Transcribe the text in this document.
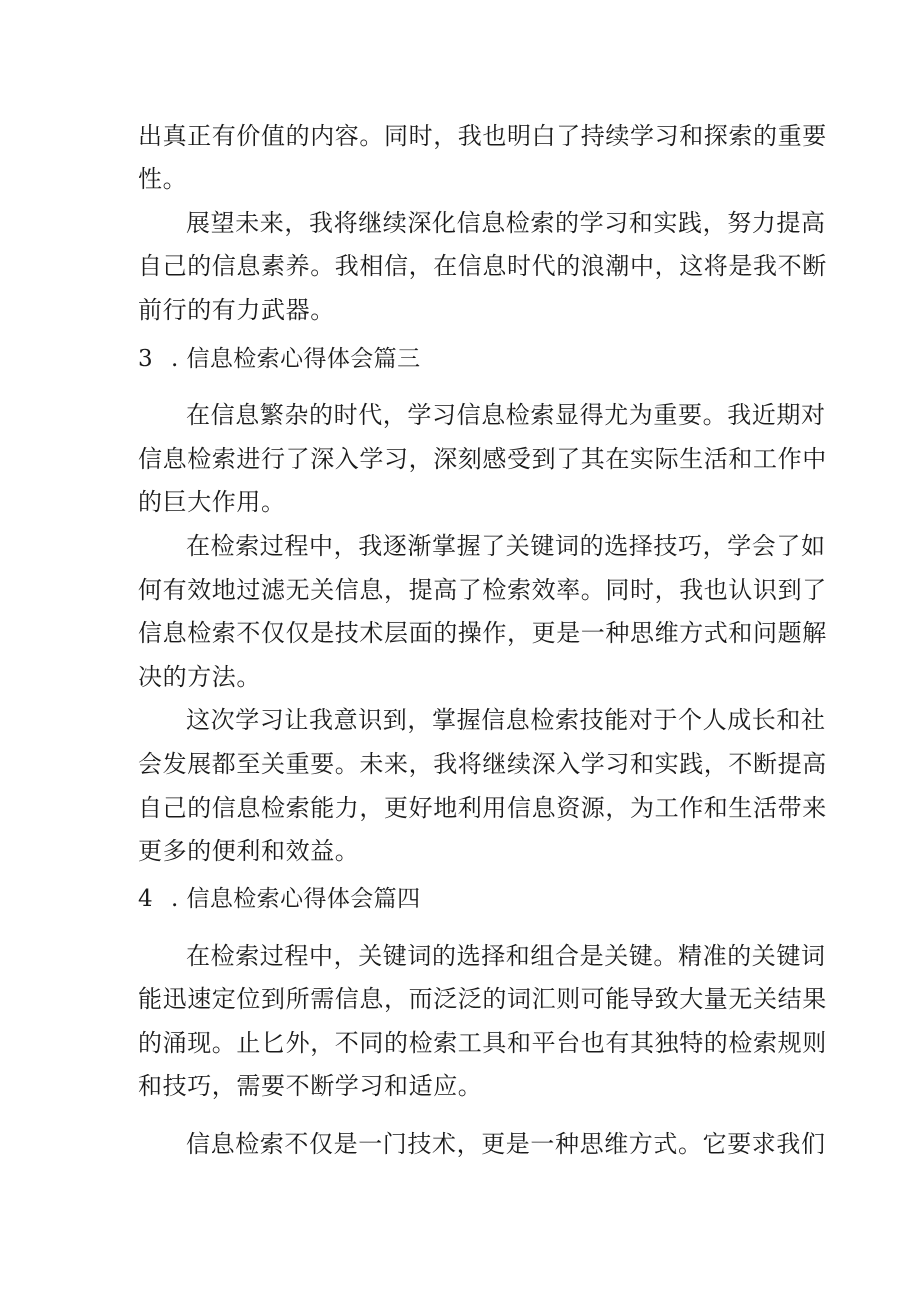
出真正有价值的内容。同时，我也明白了持续学习和探索的重要
性。
展望未来，我将继续深化信息检索的学习和实践，努力提高
自己的信息素养。我相信，在信息时代的浪潮中，这将是我不断
前行的有力武器。
3 . 信息检索心得体会篇三
在信息繁杂的时代，学习信息检索显得尤为重要。我近期对
信息检索进行了深入学习，深刻感受到了其在实际生活和工作中
的巨大作用。
在检索过程中，我逐渐掌握了关键词的选择技巧，学会了如
何有效地过滤无关信息，提高了检索效率。同时，我也认识到了
信息检索不仅仅是技术层面的操作，更是一种思维方式和问题解
决的方法。
这次学习让我意识到，掌握信息检索技能对于个人成长和社
会发展都至关重要。未来，我将继续深入学习和实践，不断提高
自己的信息检索能力，更好地利用信息资源，为工作和生活带来
更多的便利和效益。
4 . 信息检索心得体会篇四
在检索过程中，关键词的选择和组合是关键。精准的关键词
能迅速定位到所需信息，而泛泛的词汇则可能导致大量无关结果
的涌现。止匕外，不同的检索工具和平台也有其独特的检索规则
和技巧，需要不断学习和适应。
信息检索不仅是一门技术，更是一种思维方式。它要求我们
